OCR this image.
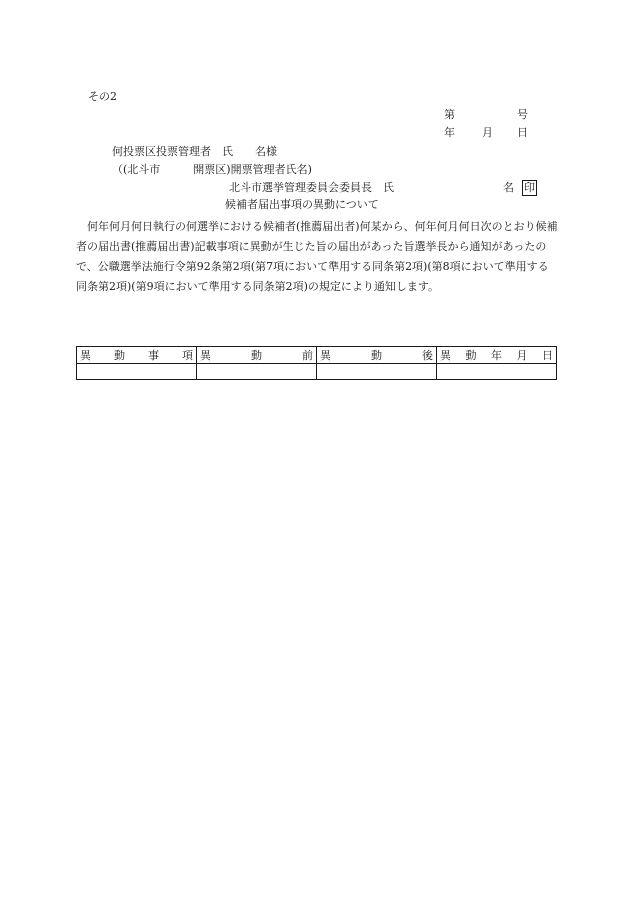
その2
第	号
年 月 日
何投票区投票管理者　氏　　名様
（(北斗市　　　開票区)開票管理者氏名)
北斗市選挙管理委員会委員長　氏	名 印
候補者届出事項の異動について

何年何月何日執行の何選挙における候補者(推薦届出者)何某から、何年何月何日次のとおり候補者の届出書(推薦届出書)記載事項に異動が生じた旨の届出があった旨選挙長から通知があったので、公職選挙法施行令第92条第2項(第7項において準用する同条第2項)(第8項において準用する同条第2項)(第9項において準用する同条第2項)の規定により通知します。

異 動 事 項	異 動 前	異 動 後	異 動 年 月 日
